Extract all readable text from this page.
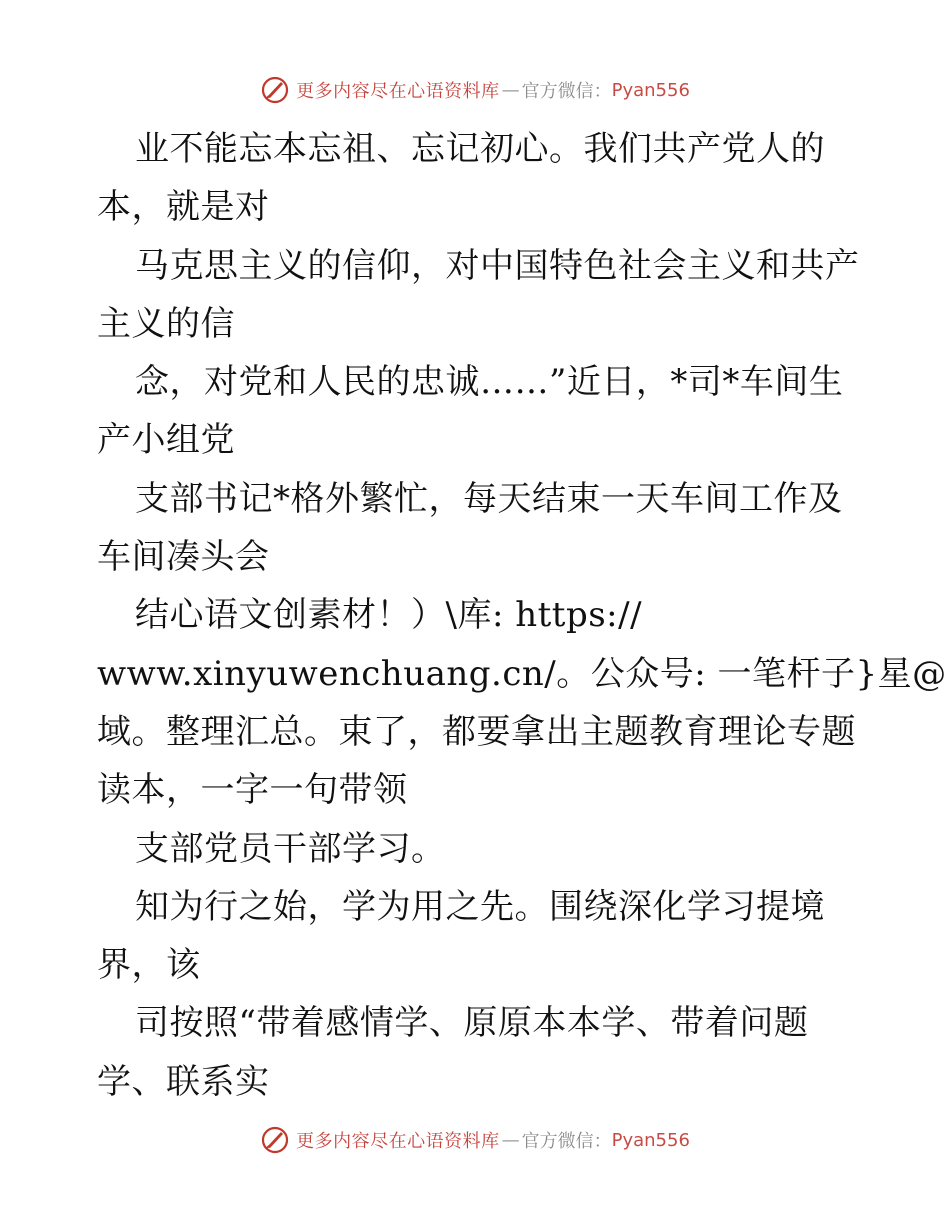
更多内容尽在心语资料库 — 官方微信： Pyan556
业不能忘本忘祖、忘记初心。我们共产党人的
本，就是对
马克思主义的信仰，对中国特色社会主义和共产
主义的信
念，对党和人民的忠诚……”近日，*司*车间生
产小组党
支部书记*格外繁忙，每天结束一天车间工作及
车间凑头会
结心语文创素材！）\库: https://
www.xinyuwenchuang.cn/。公众号: 一笔杆子}星@
域。整理汇总。束了，都要拿出主题教育理论专题
读本，一字一句带领
支部党员干部学习。
知为行之始，学为用之先。围绕深化学习提境
界，该
司按照“带着感情学、原原本本学、带着问题
学、联系实
更多内容尽在心语资料库 — 官方微信： Pyan556
